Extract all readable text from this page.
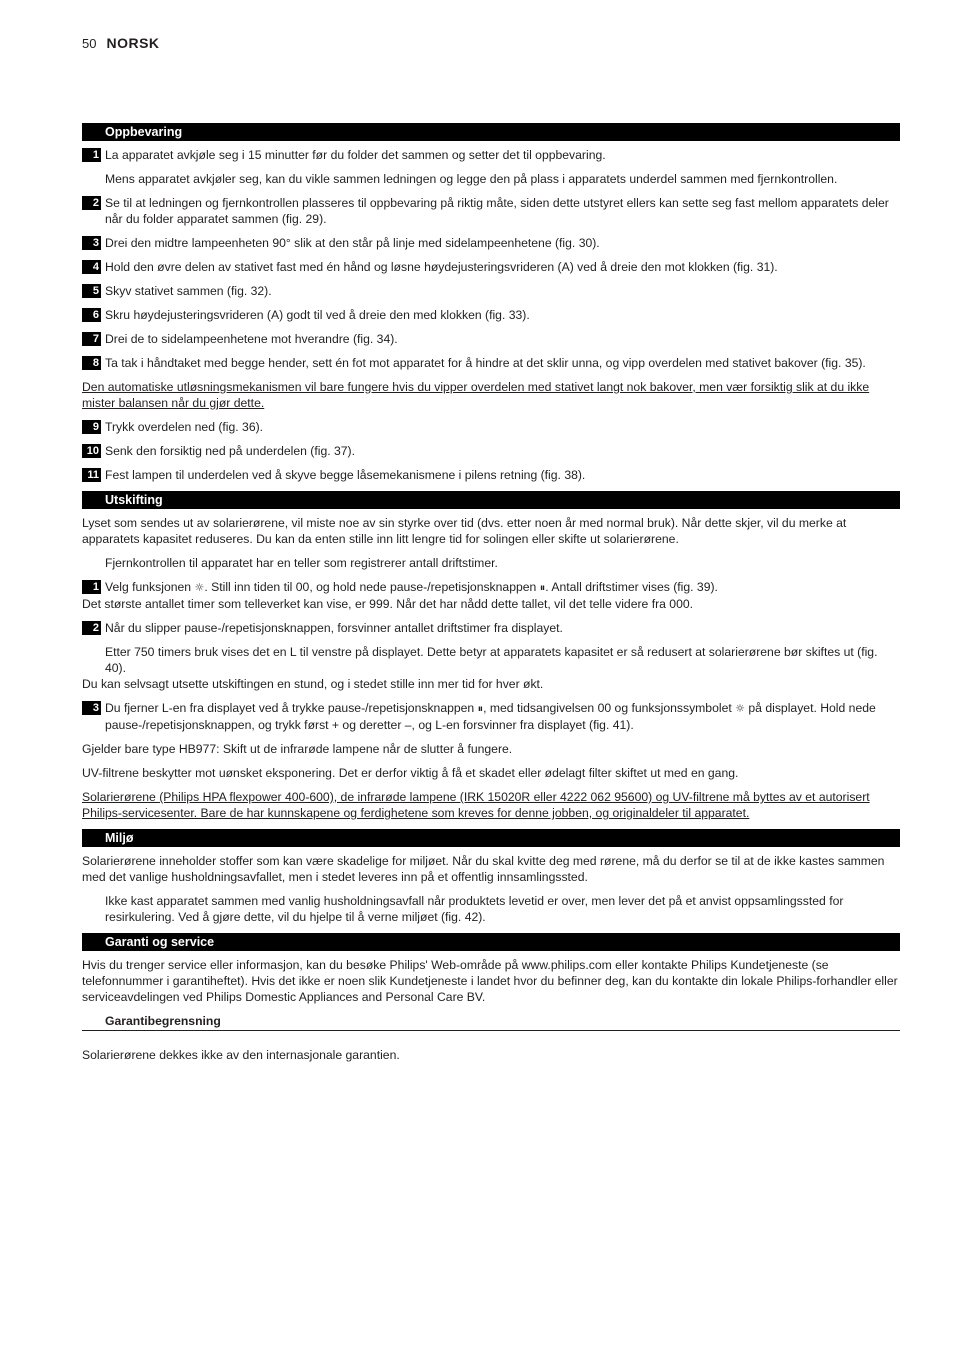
50 NORSK
Oppbevaring
1 La apparatet avkjøle seg i 15 minutter før du folder det sammen og setter det til oppbevaring.
Mens apparatet avkjøler seg, kan du vikle sammen ledningen og legge den på plass i apparatets underdel sammen med fjernkontrollen.
2 Se til at ledningen og fjernkontrollen plasseres til oppbevaring på riktig måte, siden dette utstyret ellers kan sette seg fast mellom apparatets deler når du folder apparatet sammen (fig. 29).
3 Drei den midtre lampeenheten 90° slik at den står på linje med sidelampeenhetene (fig. 30).
4 Hold den øvre delen av stativet fast med én hånd og løsne høydejusteringsvrideren (A) ved å dreie den mot klokken (fig. 31).
5 Skyv stativet sammen (fig. 32).
6 Skru høydejusteringsvrideren (A) godt til ved å dreie den med klokken (fig. 33).
7 Drei de to sidelampeenhetene mot hverandre (fig. 34).
8 Ta tak i håndtaket med begge hender, sett én fot mot apparatet for å hindre at det sklir unna, og vipp overdelen med stativet bakover (fig. 35).
Den automatiske utløsningsmekanismen vil bare fungere hvis du vipper overdelen med stativet langt nok bakover, men vær forsiktig slik at du ikke mister balansen når du gjør dette.
9 Trykk overdelen ned (fig. 36).
10 Senk den forsiktig ned på underdelen (fig. 37).
11 Fest lampen til underdelen ved å skyve begge låsemekanismene i pilens retning (fig. 38).
Utskifting
Lyset som sendes ut av solarierørene, vil miste noe av sin styrke over tid (dvs. etter noen år med normal bruk). Når dette skjer, vil du merke at apparatets kapasitet reduseres. Du kan da enten stille inn litt lengre tid for solingen eller skifte ut solarierørene.
Fjernkontrollen til apparatet har en teller som registrerer antall driftstimer.
1 Velg funksjonen ☼. Still inn tiden til 00, og hold nede pause-/repetisjonsknappen ⏸︎. Antall driftstimer vises (fig. 39).
Det største antallet timer som telleverket kan vise, er 999. Når det har nådd dette tallet, vil det telle videre fra 000.
2 Når du slipper pause-/repetisjonsknappen, forsvinner antallet driftstimer fra displayet.
Etter 750 timers bruk vises det en L til venstre på displayet. Dette betyr at apparatets kapasitet er så redusert at solarierørene bør skiftes ut (fig. 40).
Du kan selvsagt utsette utskiftingen en stund, og i stedet stille inn mer tid for hver økt.
3 Du fjerner L-en fra displayet ved å trykke pause-/repetisjonsknappen ⏸︎, med tidsangivelsen 00 og funksjonssymbolet ☼ på displayet. Hold nede pause-/repetisjonsknappen, og trykk først + og deretter –, og L-en forsvinner fra displayet (fig. 41).
Gjelder bare type HB977: Skift ut de infrarøde lampene når de slutter å fungere.
UV-filtrene beskytter mot uønsket eksponering. Det er derfor viktig å få et skadet eller ødelagt filter skiftet ut med en gang.
Solarierørene (Philips HPA flexpower 400-600), de infrarøde lampene (IRK 15020R eller 4222 062 95600) og UV-filtrene må byttes av et autorisert Philips-servicesenter. Bare de har kunnskapene og ferdighetene som kreves for denne jobben, og originaldeler til apparatet.
Miljø
Solarierørene inneholder stoffer som kan være skadelige for miljøet. Når du skal kvitte deg med rørene, må du derfor se til at de ikke kastes sammen med det vanlige husholdningsavfallet, men i stedet leveres inn på et offentlig innsamlingssted.
Ikke kast apparatet sammen med vanlig husholdningsavfall når produktets levetid er over, men lever det på et anvist oppsamlingssted for resirkulering. Ved å gjøre dette, vil du hjelpe til å verne miljøet (fig. 42).
Garanti og service
Hvis du trenger service eller informasjon, kan du besøke Philips' Web-område på www.philips.com eller kontakte Philips Kundetjeneste (se telefonnummer i garantiheftet). Hvis det ikke er noen slik Kundetjeneste i landet hvor du befinner deg, kan du kontakte din lokale Philips-forhandler eller serviceavdelingen ved Philips Domestic Appliances and Personal Care BV.
Garantibegrensning
Solarierørene dekkes ikke av den internasjonale garantien.
